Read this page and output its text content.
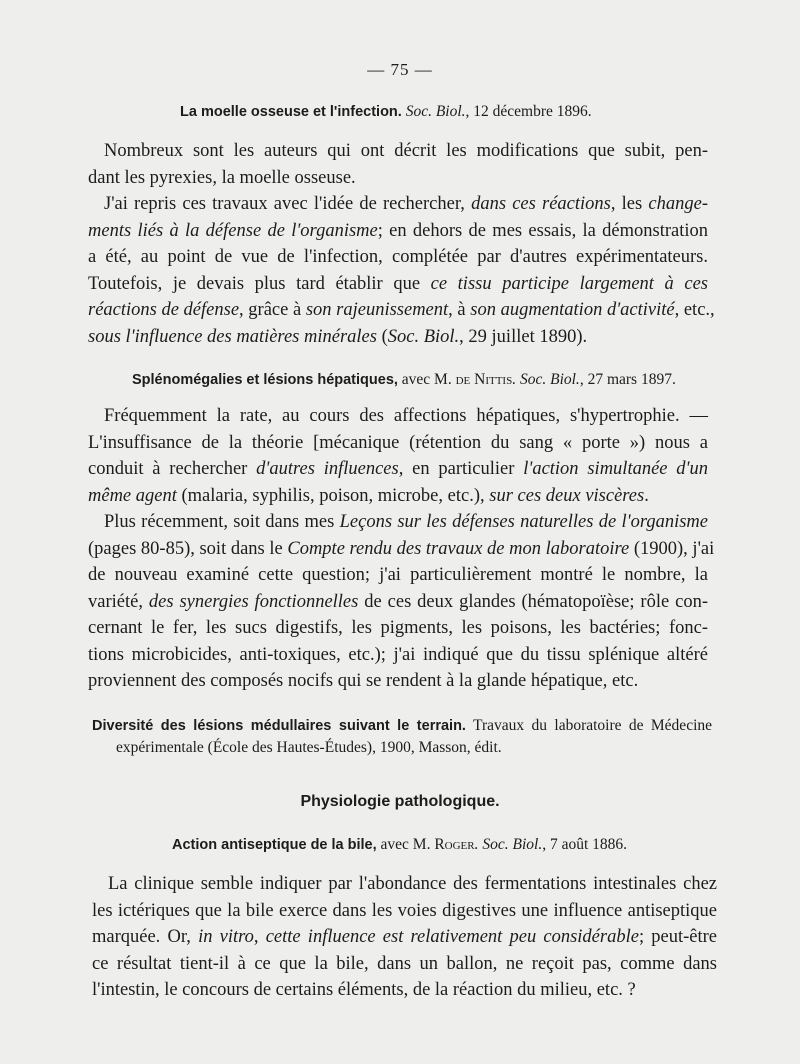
— 75 —
La moelle osseuse et l'infection. Soc. Biol., 12 décembre 1896.
Nombreux sont les auteurs qui ont décrit les modifications que subit, pen-
dant les pyrexies, la moelle osseuse.
J'ai repris ces travaux avec l'idée de rechercher, dans ces réactions, les change-
ments liés à la défense de l'organisme; en dehors de mes essais, la démonstration
a été, au point de vue de l'infection, complétée par d'autres expérimentateurs.
Toutefois, je devais plus tard établir que ce tissu participe largement à ces
réactions de défense, grâce à son rajeunissement, à son augmentation d'activité, etc.,
sous l'influence des matières minérales (Soc. Biol., 29 juillet 1890).
Splénomégalies et lésions hépatiques, avec M. de Nittis. Soc. Biol., 27 mars 1897.
Fréquemment la rate, au cours des affections hépatiques, s'hypertrophie. —
L'insuffisance de la théorie [mécanique (rétention du sang « porte ») nous a
conduit à rechercher d'autres influences, en particulier l'action simultanée d'un
même agent (malaria, syphilis, poison, microbe, etc.), sur ces deux viscères.
Plus récemment, soit dans mes Leçons sur les défenses naturelles de l'organisme
(pages 80-85), soit dans le Compte rendu des travaux de mon laboratoire (1900), j'ai
de nouveau examiné cette question; j'ai particulièrement montré le nombre, la
variété, des synergies fonctionnelles de ces deux glandes (hématopoïèse; rôle con-
cernant le fer, les sucs digestifs, les pigments, les poisons, les bactéries; fonc-
tions microbicides, anti-toxiques, etc.); j'ai indiqué que du tissu splénique altéré
proviennent des composés nocifs qui se rendent à la glande hépatique, etc.
Diversité des lésions médullaires suivant le terrain. Travaux du laboratoire de Médecine
expérimentale (École des Hautes-Études), 1900, Masson, édit.
Physiologie pathologique.
Action antiseptique de la bile, avec M. Roger. Soc. Biol., 7 août 1886.
La clinique semble indiquer par l'abondance des fermentations intestinales chez
les ictériques que la bile exerce dans les voies digestives une influence antiseptique
marquée. Or, in vitro, cette influence est relativement peu considérable; peut-être
ce résultat tient-il à ce que la bile, dans un ballon, ne reçoit pas, comme dans
l'intestin, le concours de certains éléments, de la réaction du milieu, etc. ?
